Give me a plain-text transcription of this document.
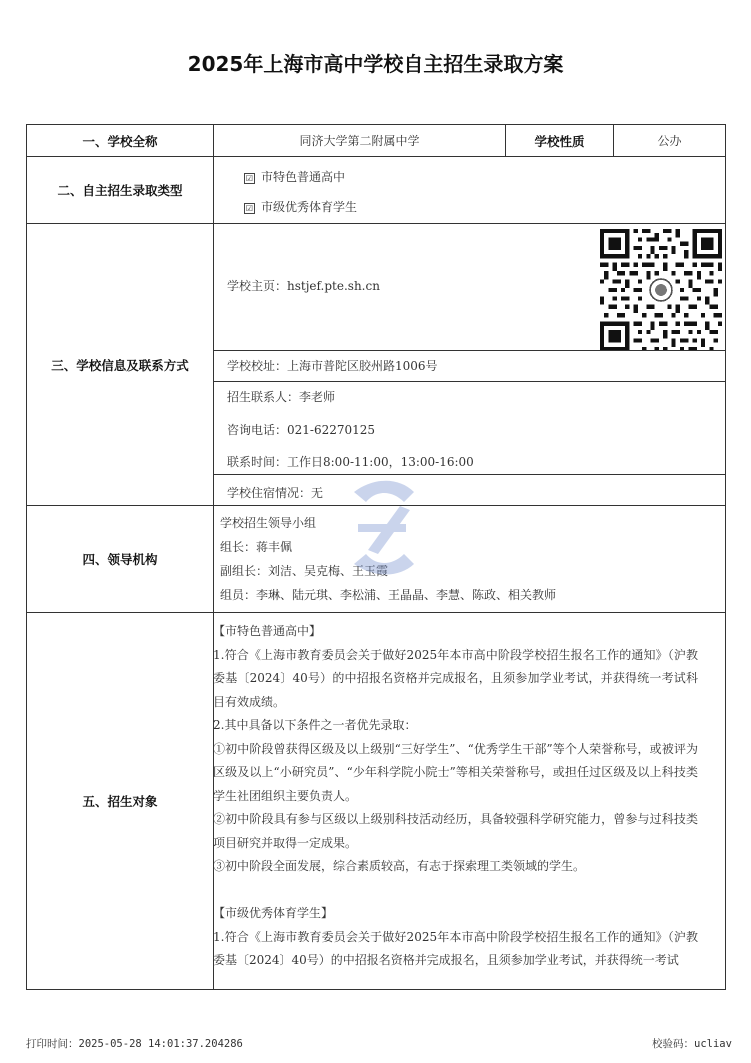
2025年上海市高中学校自主招生录取方案
一、学校全称	同济大学第二附属中学	学校性质	公办
二、自主招生录取类型
☑ 市特色普通高中
☑ 市级优秀体育学生
三、学校信息及联系方式
学校主页：hstjef.pte.sh.cn
学校校址：上海市普陀区胶州路1006号
招生联系人：李老师
咨询电话：021-62270125
联系时间：工作日8:00-11:00，13:00-16:00
学校住宿情况：无
四、领导机构
学校招生领导小组
组长：蒋丰佩
副组长：刘洁、吴克梅、王玉霞
组员：李琳、陆元琪、李松浦、王晶晶、李慧、陈政、相关教师
五、招生对象

【市特色普通高中】

1.符合《上海市教育委员会关于做好2025年本市高中阶段学校招生报名工作的通知》（沪教委基〔2024〕40号）的中招报名资格并完成报名，且须参加学业考试，并获得统一考试科目有效成绩。

2.其中具备以下条件之一者优先录取：

①初中阶段曾获得区级及以上级别“三好学生”、“优秀学生干部”等个人荣誉称号，或被评为区级及以上“小研究员”、“少年科学院小院士”等相关荣誉称号，或担任过区级及以上科技类学生社团组织主要负责人。

②初中阶段具有参与区级以上级别科技活动经历，具备较强科学研究能力，曾参与过科技类项目研究并取得一定成果。

③初中阶段全面发展，综合素质较高，有志于探索理工类领域的学生。

【市级优秀体育学生】

1.符合《上海市教育委员会关于做好2025年本市高中阶段学校招生报名工作的通知》（沪教委基〔2024〕40号）的中招报名资格并完成报名，且须参加学业考试，并获得统一考试

打印时间：2025-05-28 14:01:37.204286	校验码：ucliav
